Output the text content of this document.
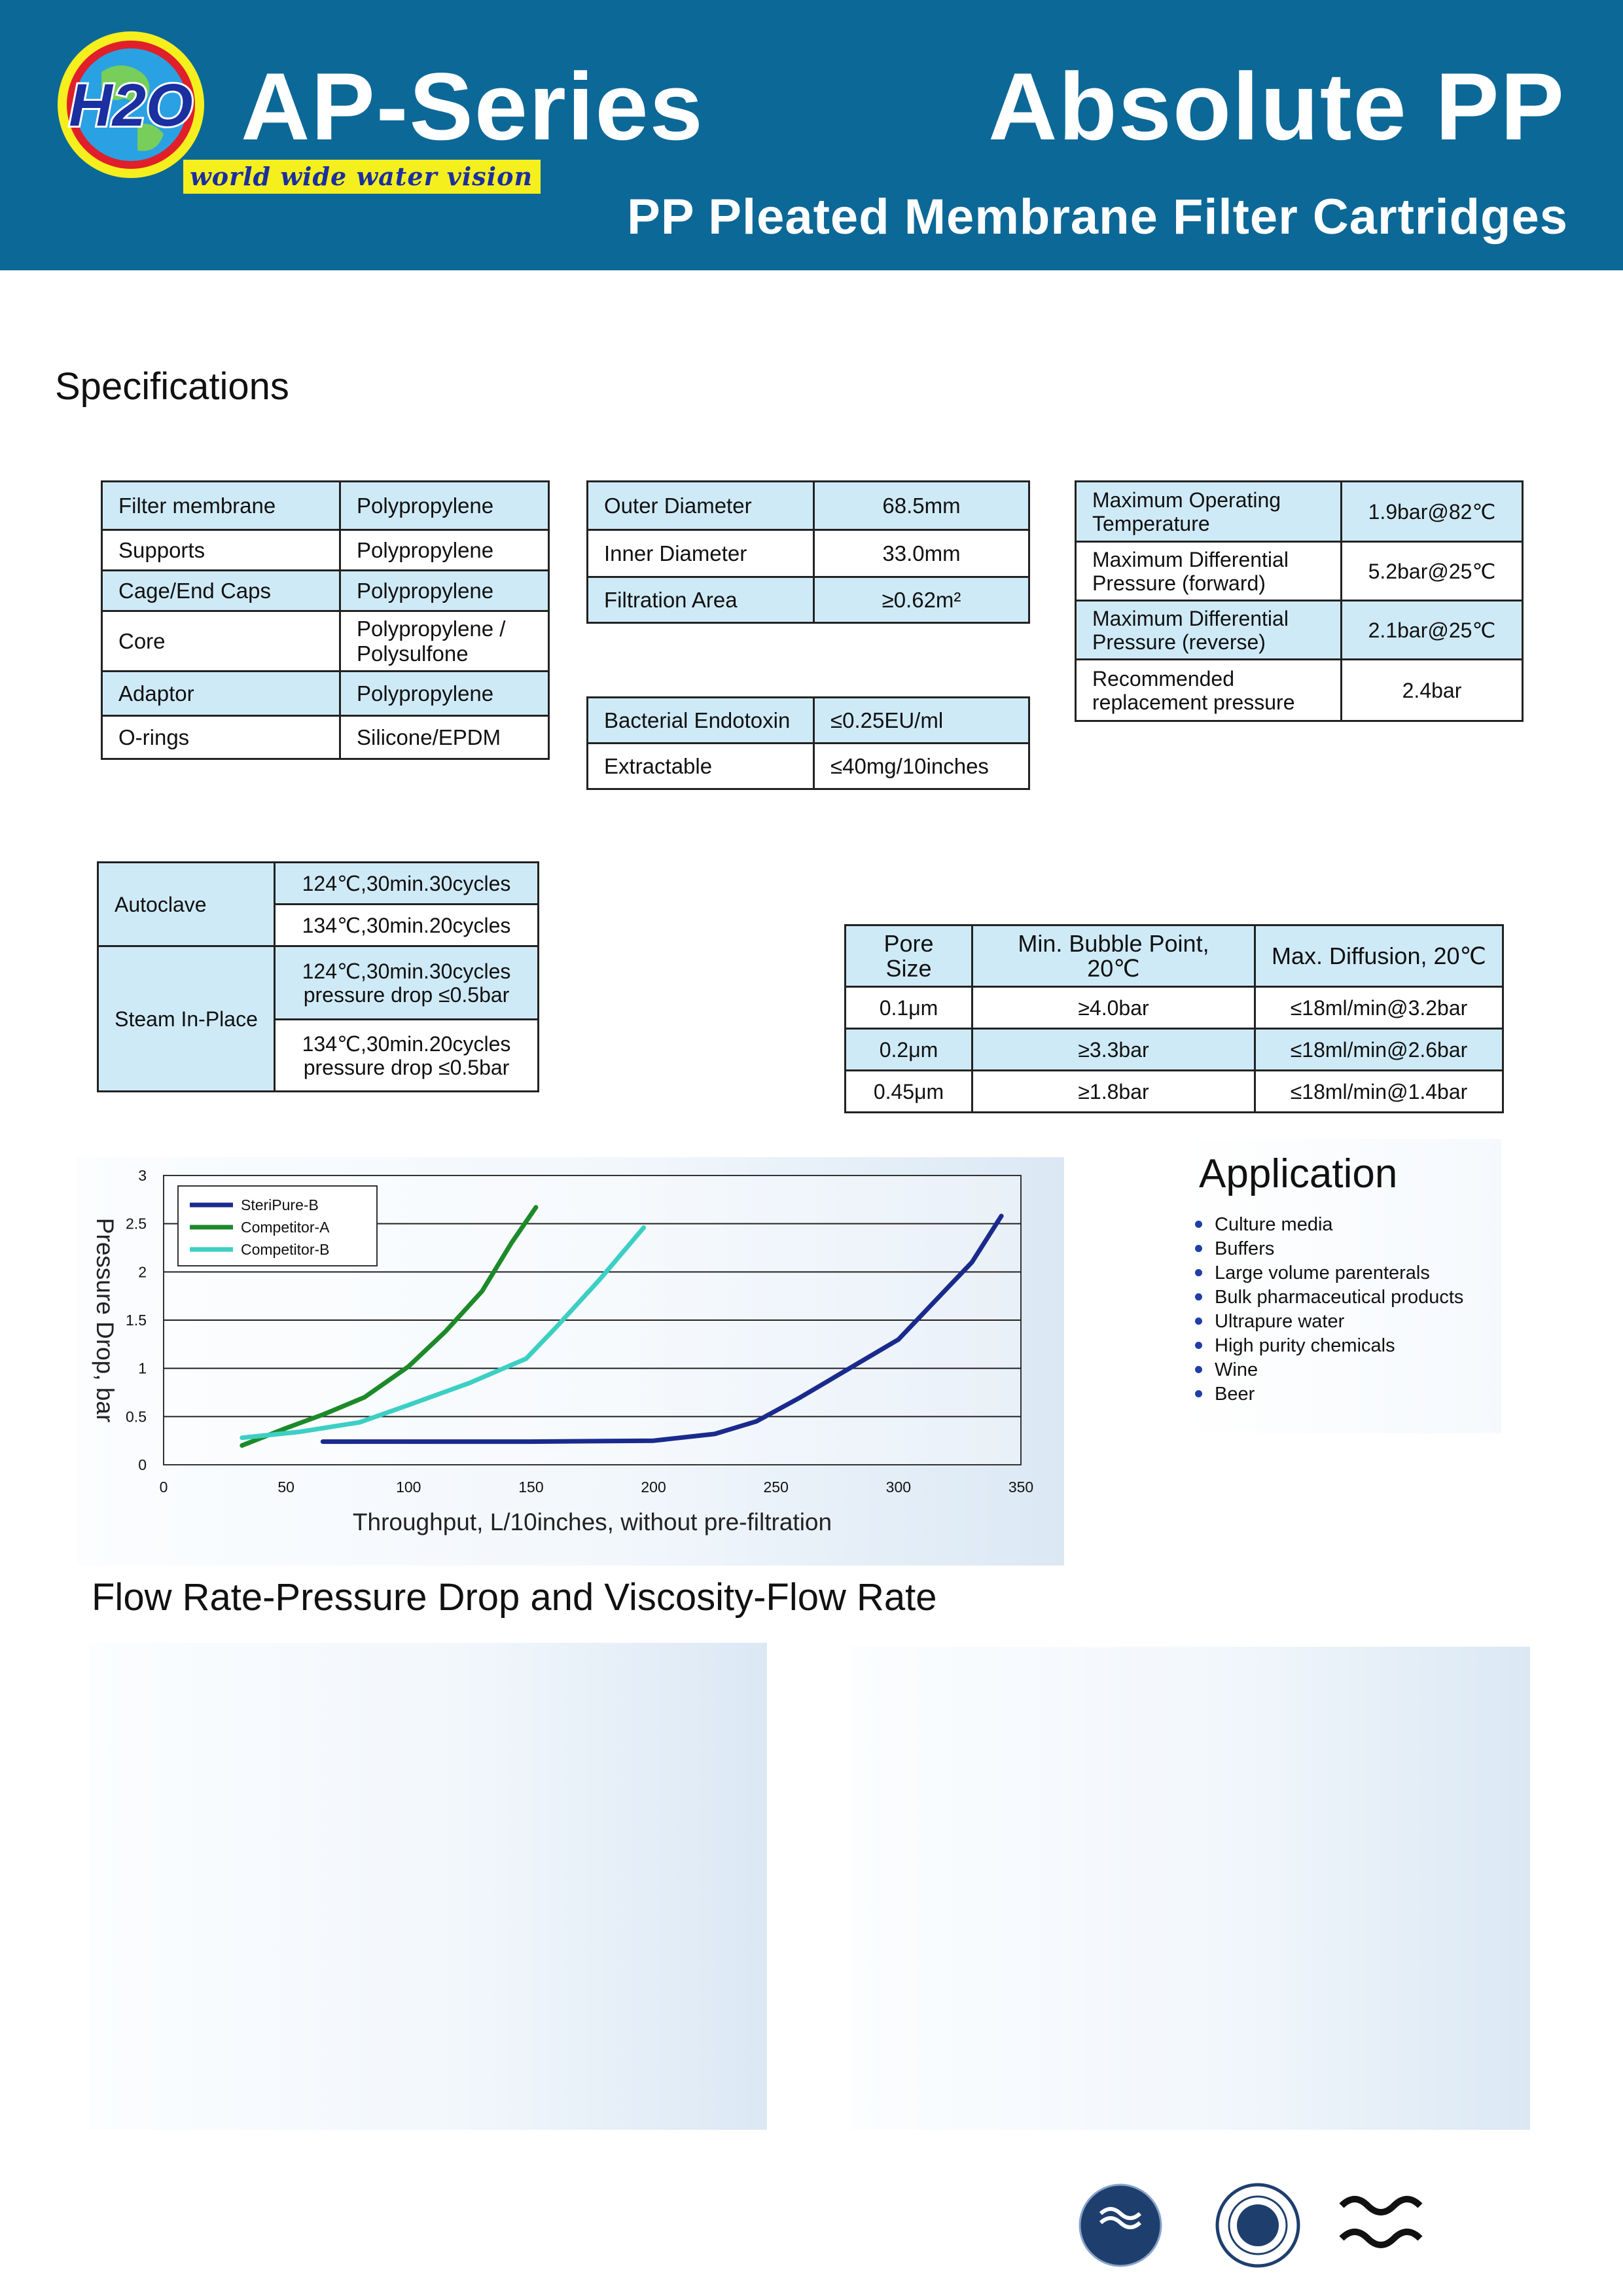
H2O
world wide water vision
AP-Series	Absolute PP
PP Pleated Membrane Filter Cartridges
Specifications
Filter membrane	Polypropylene
Supports	Polypropylene
Cage/End Caps	Polypropylene
Core	Polypropylene / Polysulfone
Adaptor	Polypropylene
O-rings	Silicone/EPDM
Outer Diameter	68.5mm
Inner Diameter	33.0mm
Filtration Area	≥0.62m²
Bacterial Endotoxin	≤0.25EU/ml
Extractable	≤40mg/10inches
Maximum Operating Temperature	1.9bar@82℃
Maximum Differential Pressure (forward)	5.2bar@25℃
Maximum Differential Pressure (reverse)	2.1bar@25℃
Recommended replacement pressure	2.4bar
Autoclave	124℃,30min.30cycles
	134℃,30min.20cycles
Steam In-Place	124℃,30min.30cycles pressure drop ≤0.5bar
	134℃,30min.20cycles pressure drop ≤0.5bar
Pore Size	Min. Bubble Point, 20℃	Max. Diffusion, 20℃
0.1μm	≥4.0bar	≤18ml/min@3.2bar
0.2μm	≥3.3bar	≤18ml/min@2.6bar
0.45μm	≥1.8bar	≤18ml/min@1.4bar
0
0.5
1
1.5
2
2.5
3
0	50	100	150	200	250	300	350
Throughput, L/10inches, without pre-filtration
Pressure Drop, bar
SteriPure-B
Competitor-A
Competitor-B
Application
Culture media
Buffers
Large volume parenterals
Bulk pharmaceutical products
Ultrapure water
High purity chemicals
Wine
Beer
Flow Rate-Pressure Drop and Viscosity-Flow Rate
